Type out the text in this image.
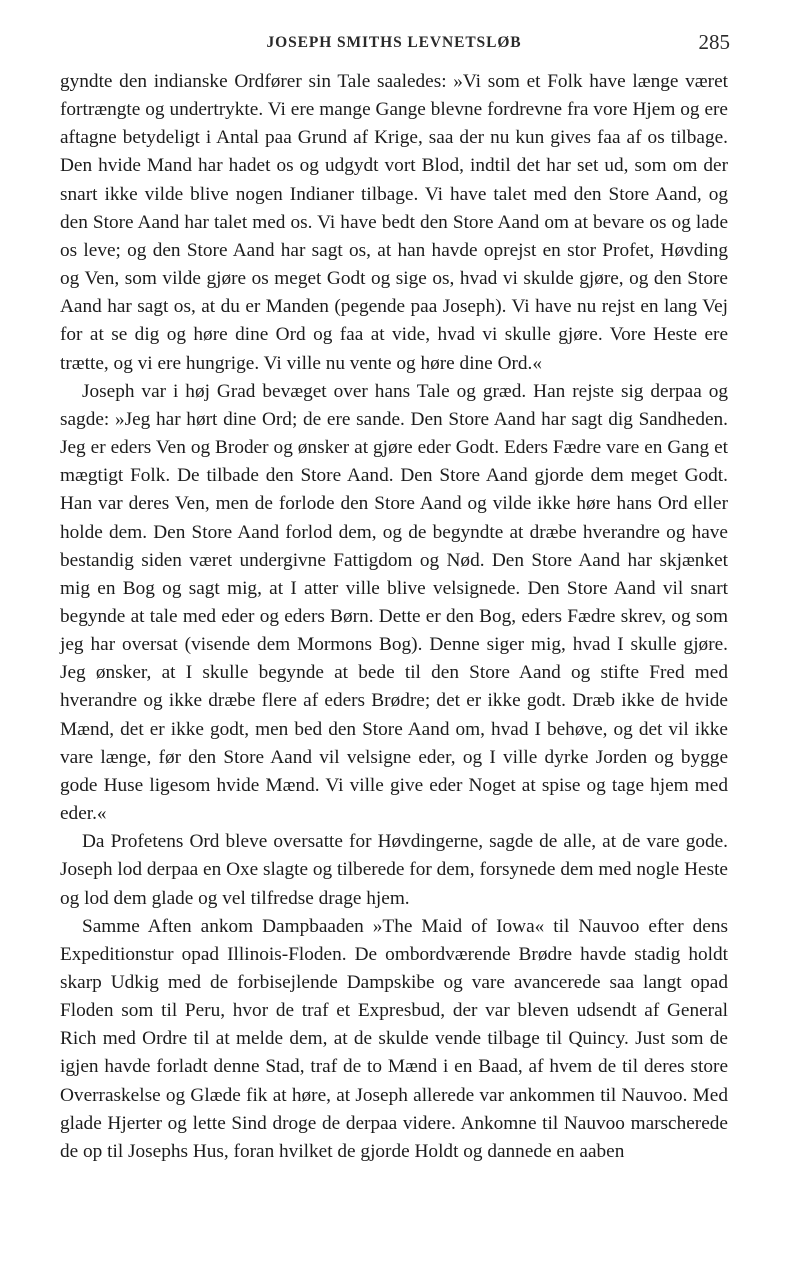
JOSEPH SMITHS LEVNETSLØB	285

gyndte den indianske Ordfører sin Tale saaledes: »Vi som et Folk have længe været fortrængte og undertrykte. Vi ere mange Gange blevne fordrevne fra vore Hjem og ere aftagne betydeligt i Antal paa Grund af Krige, saa der nu kun gives faa af os tilbage. Den hvide Mand har hadet os og udgydt vort Blod, indtil det har set ud, som om der snart ikke vilde blive nogen Indianer tilbage. Vi have talet med den Store Aand, og den Store Aand har talet med os. Vi have bedt den Store Aand om at bevare os og lade os leve; og den Store Aand har sagt os, at han havde oprejst en stor Profet, Høvding og Ven, som vilde gjøre os meget Godt og sige os, hvad vi skulde gjøre, og den Store Aand har sagt os, at du er Manden (pegende paa Joseph). Vi have nu rejst en lang Vej for at se dig og høre dine Ord og faa at vide, hvad vi skulle gjøre. Vore Heste ere trætte, og vi ere hungrige. Vi ville nu vente og høre dine Ord.«

Joseph var i høj Grad bevæget over hans Tale og græd. Han rejste sig derpaa og sagde: »Jeg har hørt dine Ord; de ere sande. Den Store Aand har sagt dig Sandheden. Jeg er eders Ven og Broder og ønsker at gjøre eder Godt. Eders Fædre vare en Gang et mægtigt Folk. De tilbade den Store Aand. Den Store Aand gjorde dem meget Godt. Han var deres Ven, men de forlode den Store Aand og vilde ikke høre hans Ord eller holde dem. Den Store Aand forlod dem, og de begyndte at dræbe hverandre og have bestandig siden været undergivne Fattigdom og Nød. Den Store Aand har skjænket mig en Bog og sagt mig, at I atter ville blive velsignede. Den Store Aand vil snart begynde at tale med eder og eders Børn. Dette er den Bog, eders Fædre skrev, og som jeg har oversat (visende dem Mormons Bog). Denne siger mig, hvad I skulle gjøre. Jeg ønsker, at I skulle begynde at bede til den Store Aand og stifte Fred med hverandre og ikke dræbe flere af eders Brødre; det er ikke godt. Dræb ikke de hvide Mænd, det er ikke godt, men bed den Store Aand om, hvad I behøve, og det vil ikke vare længe, før den Store Aand vil velsigne eder, og I ville dyrke Jorden og bygge gode Huse ligesom hvide Mænd. Vi ville give eder Noget at spise og tage hjem med eder.«

Da Profetens Ord bleve oversatte for Høvdingerne, sagde de alle, at de vare gode. Joseph lod derpaa en Oxe slagte og tilberede for dem, forsynede dem med nogle Heste og lod dem glade og vel tilfredse drage hjem.

Samme Aften ankom Dampbaaden »The Maid of Iowa« til Nauvoo efter dens Expeditionstur opad Illinois-Floden. De ombordværende Brødre havde stadig holdt skarp Udkig med de forbisejlende Dampskibe og vare avancerede saa langt opad Floden som til Peru, hvor de traf et Expresbud, der var bleven udsendt af General Rich med Ordre til at melde dem, at de skulde vende tilbage til Quincy. Just som de igjen havde forladt denne Stad, traf de to Mænd i en Baad, af hvem de til deres store Overraskelse og Glæde fik at høre, at Joseph allerede var ankommen til Nauvoo. Med glade Hjerter og lette Sind droge de derpaa videre. Ankomne til Nauvoo marscherede de op til Josephs Hus, foran hvilket de gjorde Holdt og dannede en aaben
